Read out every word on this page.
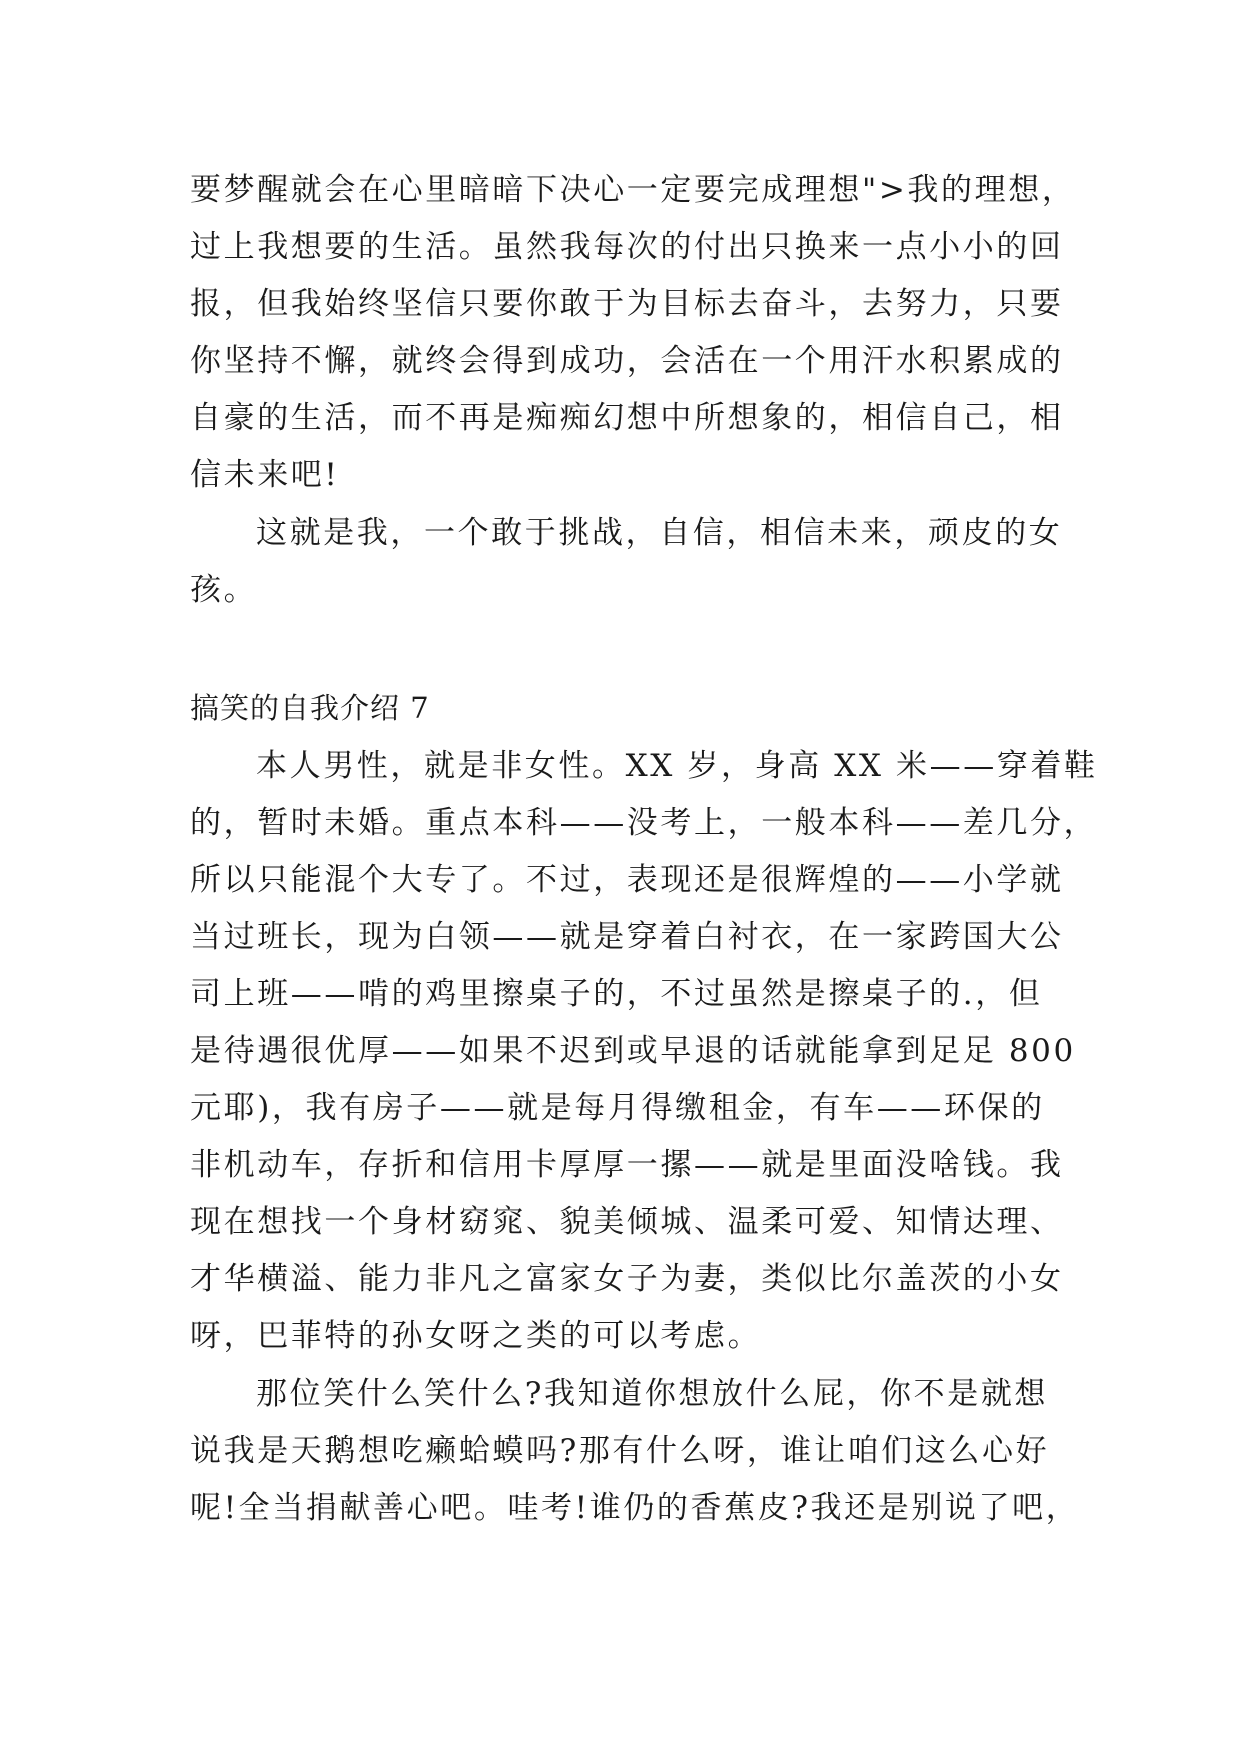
要梦醒就会在心里暗暗下决心一定要完成理想">我的理想，
过上我想要的生活。虽然我每次的付出只换来一点小小的回
报，但我始终坚信只要你敢于为目标去奋斗，去努力，只要
你坚持不懈，就终会得到成功，会活在一个用汗水积累成的
自豪的生活，而不再是痴痴幻想中所想象的，相信自己，相
信未来吧!
这就是我，一个敢于挑战，自信，相信未来，顽皮的女
孩。
搞笑的自我介绍 7
本人男性，就是非女性。XX 岁，身高 XX 米——穿着鞋
的，暂时未婚。重点本科——没考上，一般本科——差几分，
所以只能混个大专了。不过，表现还是很辉煌的——小学就
当过班长，现为白领——就是穿着白衬衣，在一家跨国大公
司上班——啃的鸡里擦桌子的，不过虽然是擦桌子的.，但
是待遇很优厚——如果不迟到或早退的话就能拿到足足 800
元耶)，我有房子——就是每月得缴租金，有车——环保的
非机动车，存折和信用卡厚厚一摞——就是里面没啥钱。我
现在想找一个身材窈窕、貌美倾城、温柔可爱、知情达理、
才华横溢、能力非凡之富家女子为妻，类似比尔盖茨的小女
呀，巴菲特的孙女呀之类的可以考虑。
那位笑什么笑什么?我知道你想放什么屁，你不是就想
说我是天鹅想吃癞蛤蟆吗?那有什么呀，谁让咱们这么心好
呢!全当捐献善心吧。哇考!谁仍的香蕉皮?我还是别说了吧，
